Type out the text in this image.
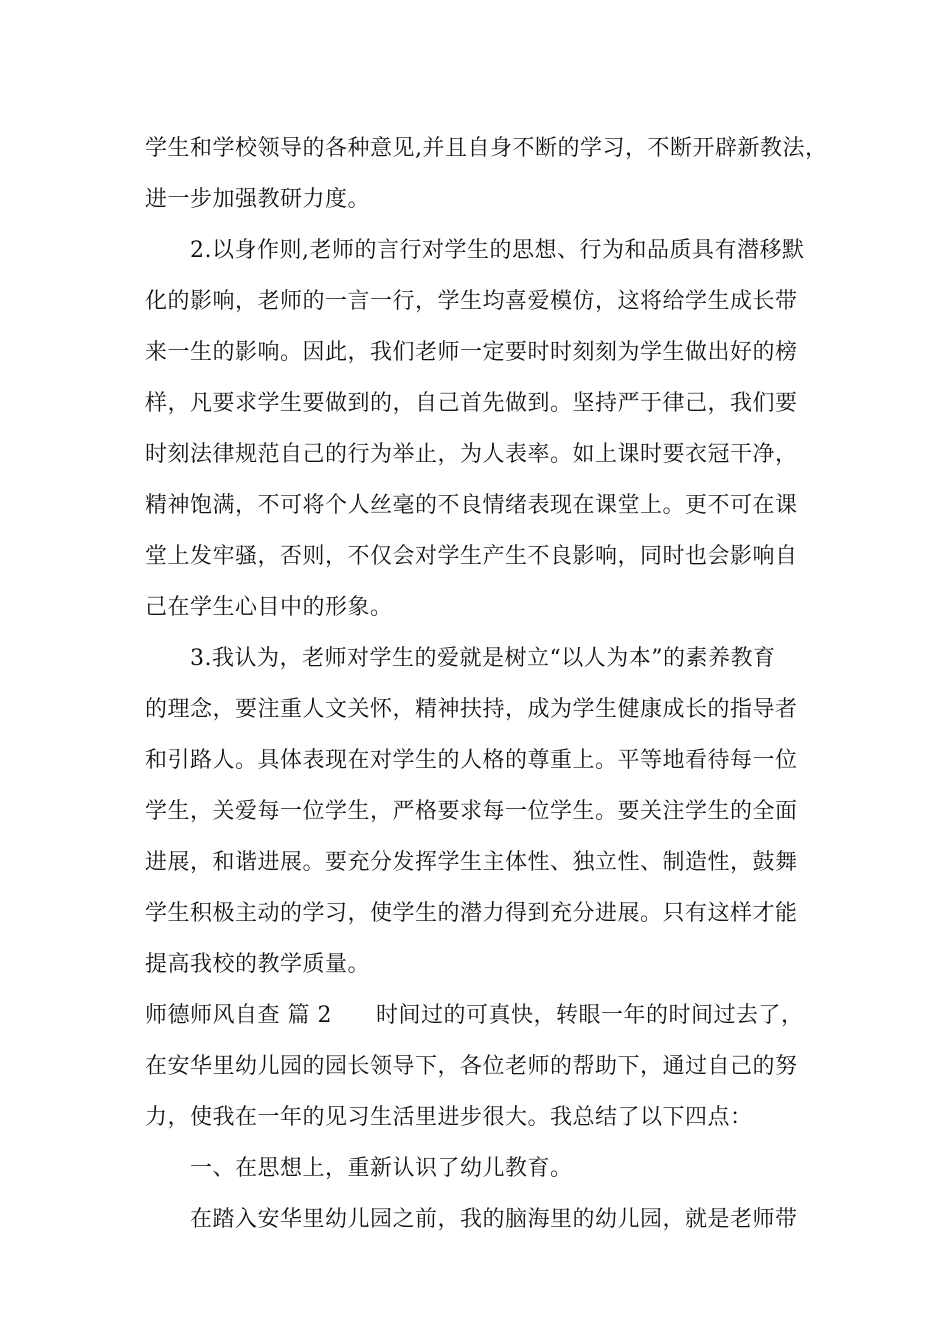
学生和学校领导的各种意见,并且自身不断的学习，不断开辟新教法，
进一步加强教研力度。
2.以身作则,老师的言行对学生的思想、行为和品质具有潜移默
化的影响，老师的一言一行，学生均喜爱模仿，这将给学生成长带
来一生的影响。因此，我们老师一定要时时刻刻为学生做出好的榜
样，凡要求学生要做到的，自己首先做到。坚持严于律己，我们要
时刻法律规范自己的行为举止，为人表率。如上课时要衣冠干净，
精神饱满，不可将个人丝毫的不良情绪表现在课堂上。更不可在课
堂上发牢骚，否则，不仅会对学生产生不良影响，同时也会影响自
己在学生心目中的形象。
3.我认为，老师对学生的爱就是树立“以人为本”的素养教育
的理念，要注重人文关怀，精神扶持，成为学生健康成长的指导者
和引路人。具体表现在对学生的人格的尊重上。平等地看待每一位
学生，关爱每一位学生，严格要求每一位学生。要关注学生的全面
进展，和谐进展。要充分发挥学生主体性、独立性、制造性，鼓舞
学生积极主动的学习，使学生的潜力得到充分进展。只有这样才能
提高我校的教学质量。
师德师风自查 篇 2 时间过的可真快，转眼一年的时间过去了，
在安华里幼儿园的园长领导下，各位老师的帮助下，通过自己的努
力，使我在一年的见习生活里进步很大。我总结了以下四点：
一、在思想上，重新认识了幼儿教育。
在踏入安华里幼儿园之前，我的脑海里的幼儿园，就是老师带
